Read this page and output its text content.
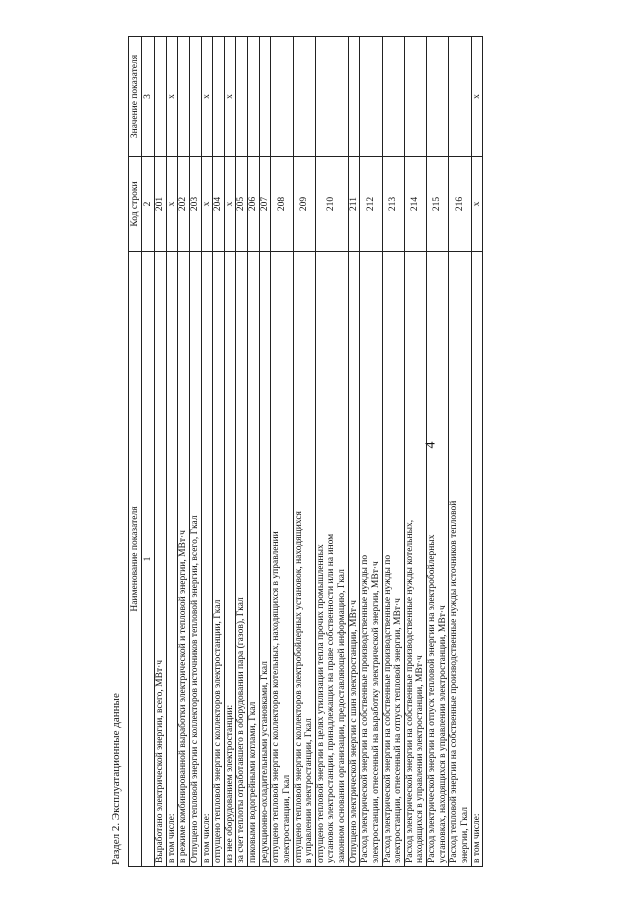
4
Раздел 2. Эксплуатационные данные
Наименование показателя	Код строки	Значение показателя
1	2	3
Выработано электрической энергии, всего, МВт·ч	201	
в том числе:	х	х
в режиме комбинированной выработки электрической и тепловой энергии, МВт·ч	202	
Отпущено тепловой энергии с коллекторов источников тепловой энергии, всего, Гкал	203	
в том числе:	х	х
отпущено тепловой энергии с коллекторов электростанции, Гкал	204	
из нее оборудованием электростанции:	х	х
за счет теплоты отработавшего в оборудовании пара (газов), Гкал	205	
пиковыми водогрейными котлами, Гкал	206	
редукционно-охладительными установками, Гкал	207	

отпущено тепловой энергии с коллекторов котельных, находящихся в управлении электростанции, Гкал	208	

отпущено тепловой энергии с коллекторов электробойлерных установок, находящихся в управлении электростанции, Гкал	209	

отпущено тепловой энергии в целях утилизации тепла прочих промышленных установок электростанции, принадлежащих на праве собственности или на ином законном основании организации, предоставляющей информацию, Гкал	210	
Отпущено электрической энергии с шин электростанции, МВт·ч	211	

Расход электрической энергии на собственные производственные нужды по электростанции, отнесенный на выработку электрической энергии, МВт·ч	212	

Расход электрической энергии на собственные производственные нужды по электростанции, отнесенный на отпуск тепловой энергии, МВт·ч	213	

Расход электрической энергии на собственные производственные нужды котельных, находящихся в управлении электростанции, МВт·ч	214	

Расход электрической энергии на отпуск тепловой энергии на электробойлерных установках, находящихся в управлении электростанции, МВт·ч	215	

Расход тепловой энергии на собственные производственные нужды источников тепловой энергии, Гкал	216	
в том числе:	х	х
